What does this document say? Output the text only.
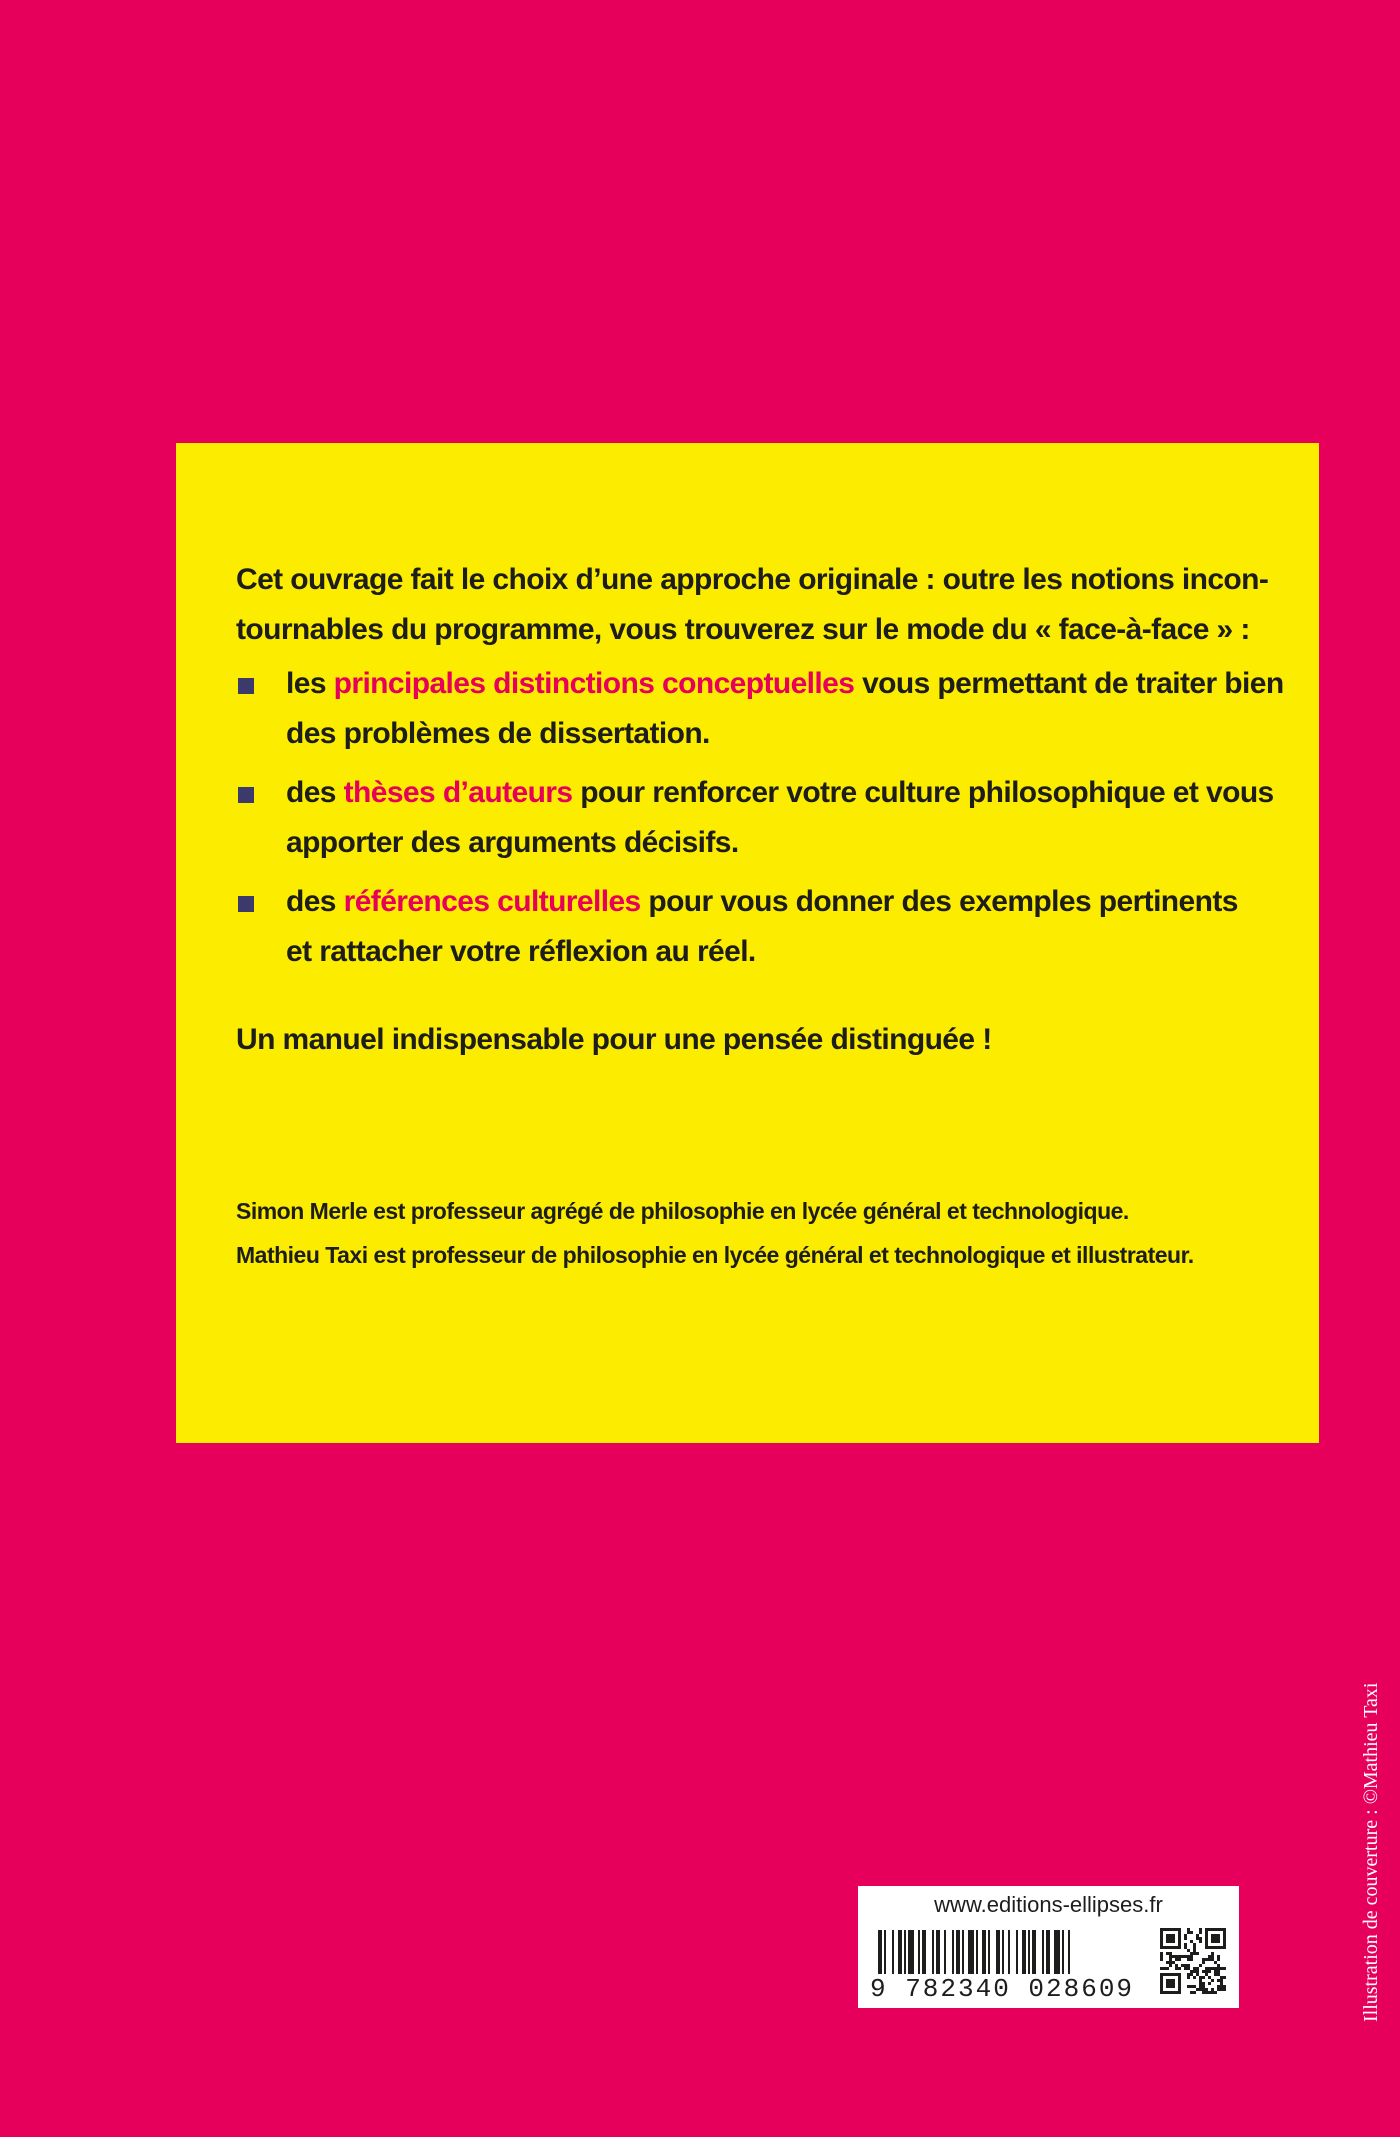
Cet ouvrage fait le choix d’une approche originale : outre les notions incon-

tournables du programme, vous trouverez sur le mode du « face-à-face » :

les principales distinctions conceptuelles vous permettant de traiter bien
des problèmes de dissertation.
des thèses d’auteurs pour renforcer votre culture philosophique et vous
apporter des arguments décisifs.
des références culturelles pour vous donner des exemples pertinents
et rattacher votre réflexion au réel.

Un manuel indispensable pour une pensée distinguée !

Simon Merle est professeur agrégé de philosophie en lycée général et technologique.

Mathieu Taxi est professeur de philosophie en lycée général et technologique et illustrateur.

www.editions-ellipses.fr
9 782340 028609	Illustration de couverture : ©Mathieu Taxi
